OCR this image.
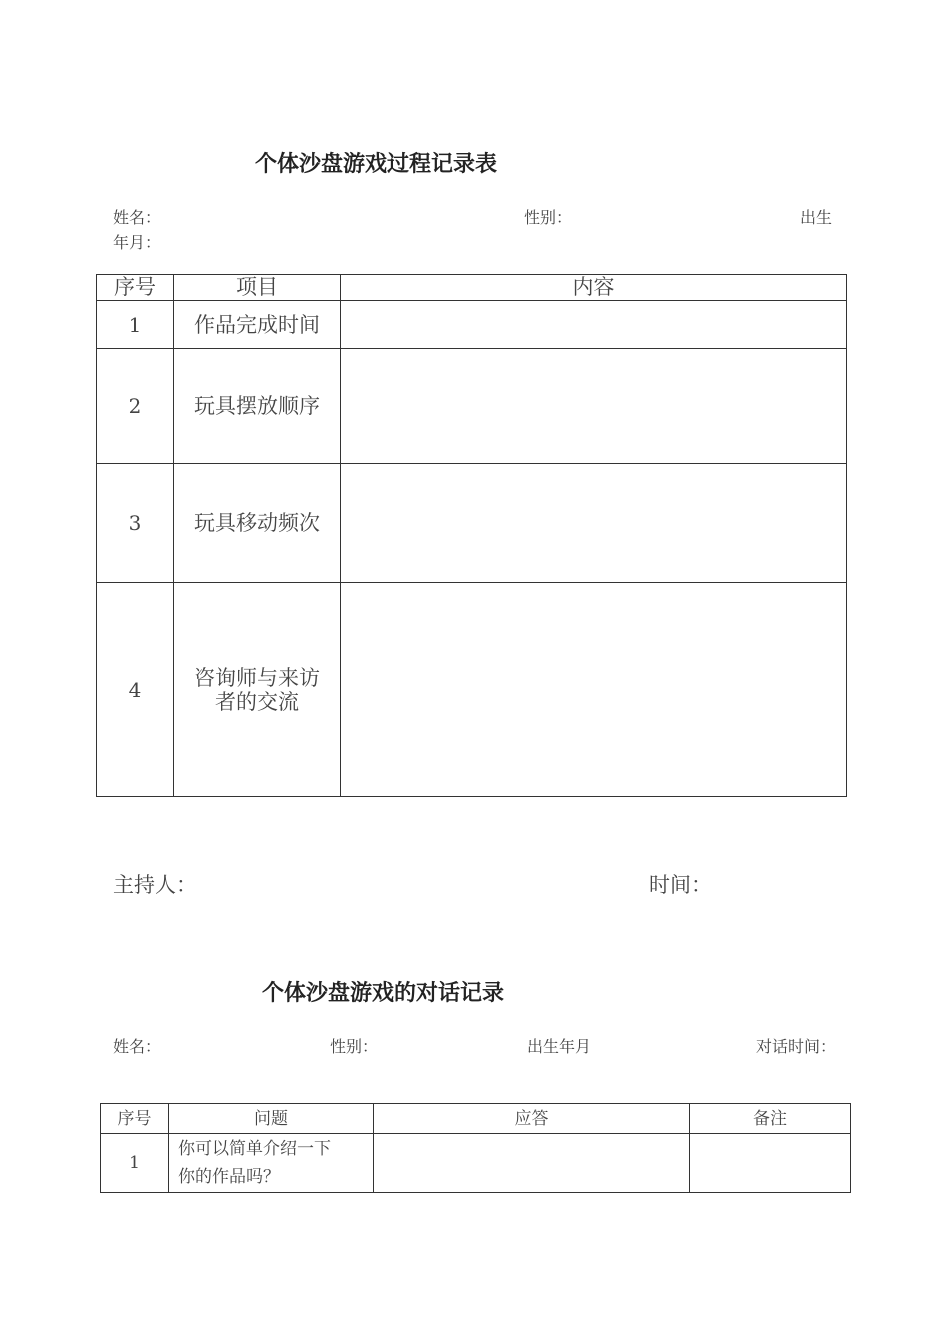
个体沙盘游戏过程记录表
姓名：	性别：	出生
年月：
序号	项目	内容
1	作品完成时间	
2	玩具摆放顺序	
3	玩具移动频次	
4	咨询师与来访
者的交流	

主持人：	时间：
个体沙盘游戏的对话记录
姓名：	性别：	出生年月	对话时间：
序号	问题	应答	备注
1	你可以简单介绍一下
你的作品吗？		
